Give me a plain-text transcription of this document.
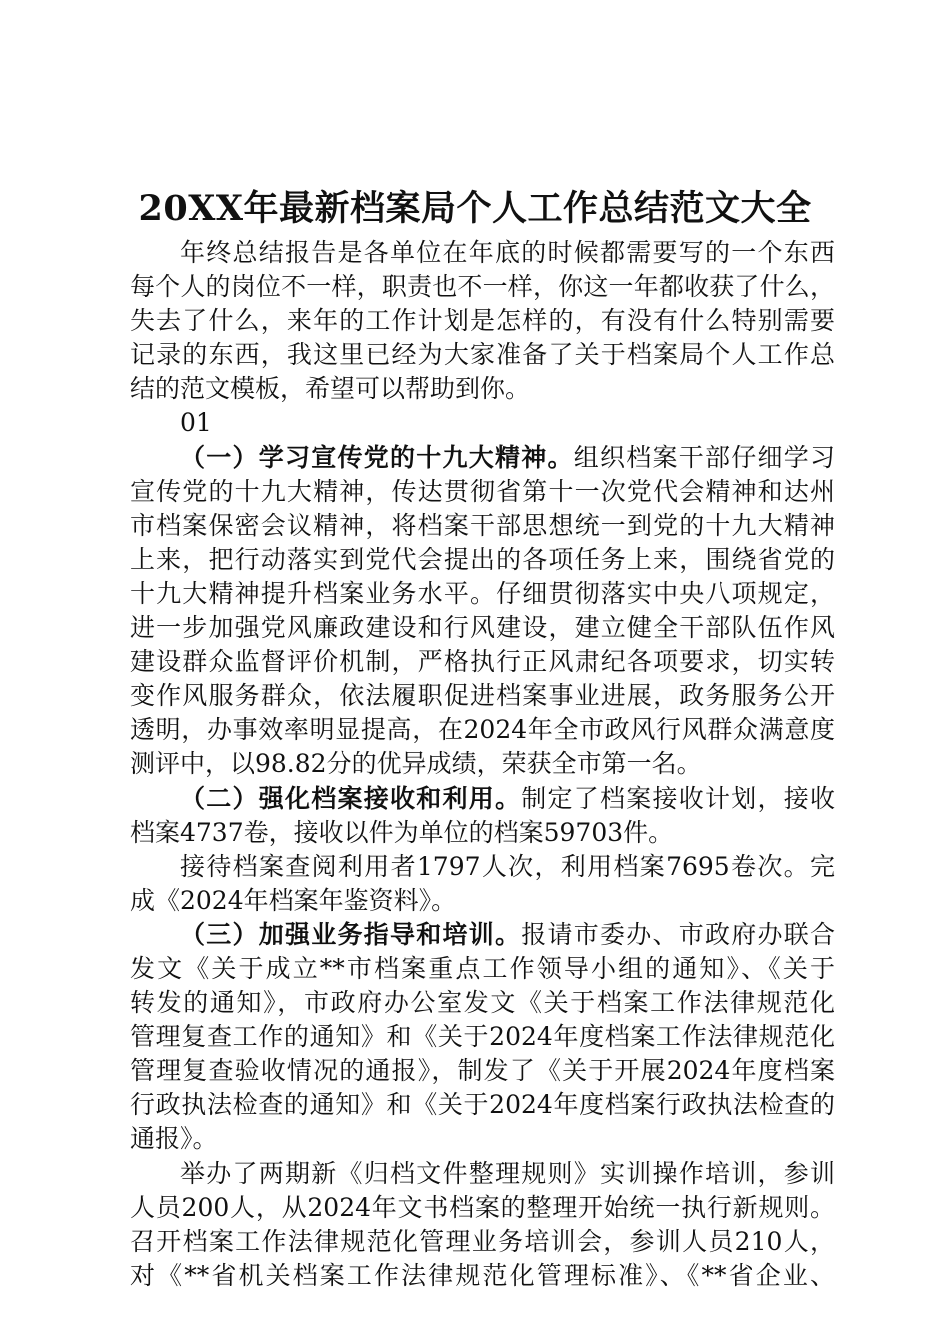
20XX年最新档案局个人工作总结范文大全
年终总结报告是各单位在年底的时候都需要写的一个东西
每个人的岗位不一样，职责也不一样，你这一年都收获了什么，
失去了什么，来年的工作计划是怎样的，有没有什么特别需要
记录的东西，我这里已经为大家准备了关于档案局个人工作总
结的范文模板，希望可以帮助到你。
01
（一）学习宣传党的十九大精神。组织档案干部仔细学习
宣传党的十九大精神，传达贯彻省第十一次党代会精神和达州
市档案保密会议精神，将档案干部思想统一到党的十九大精神
上来，把行动落实到党代会提出的各项任务上来，围绕省党的
十九大精神提升档案业务水平。仔细贯彻落实中央八项规定，
进一步加强党风廉政建设和行风建设，建立健全干部队伍作风
建设群众监督评价机制，严格执行正风肃纪各项要求，切实转
变作风服务群众，依法履职促进档案事业进展，政务服务公开
透明，办事效率明显提高，在2024年全市政风行风群众满意度
测评中，以98.82分的优异成绩，荣获全市第一名。
（二）强化档案接收和利用。制定了档案接收计划，接收
档案4737卷，接收以件为单位的档案59703件。
接待档案查阅利用者1797人次，利用档案7695卷次。完
成《2024年档案年鉴资料》。
（三）加强业务指导和培训。报请市委办、市政府办联合
发文《关于成立**市档案重点工作领导小组的通知》、《关于
转发的通知》，市政府办公室发文《关于档案工作法律规范化
管理复查工作的通知》和《关于2024年度档案工作法律规范化
管理复查验收情况的通报》，制发了《关于开展2024年度档案
行政执法检查的通知》和《关于2024年度档案行政执法检查的
通报》。
举办了两期新《归档文件整理规则》实训操作培训，参训
人员200人，从2024年文书档案的整理开始统一执行新规则。
召开档案工作法律规范化管理业务培训会，参训人员210人，
对《**省机关档案工作法律规范化管理标准》、《**省企业、
